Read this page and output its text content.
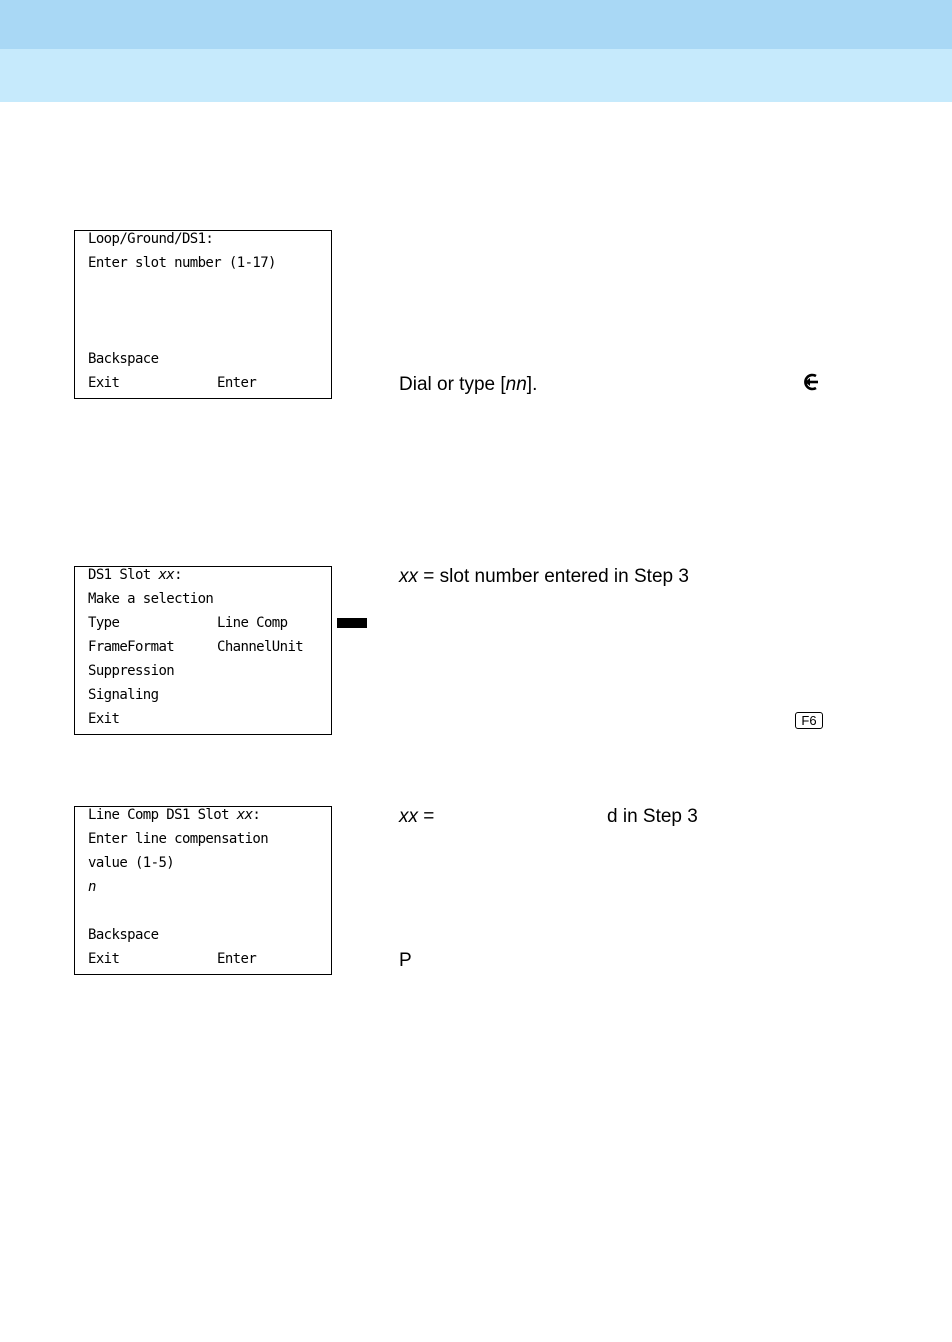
Loop/Ground/DS1:
Enter slot number (1-17)
Backspace
Exit	Enter	Dial or type [nn].
DS1 Slot xx:
Make a selection
Type	Line Comp
FrameFormat	ChannelUnit
Suppression
Signaling
Exit
xx = slot number entered in Step 3
F6
Line Comp DS1 Slot xx:
Enter line compensation
value (1-5)
n
Backspace
Exit	Enter
xx =	d in Step 3
P
